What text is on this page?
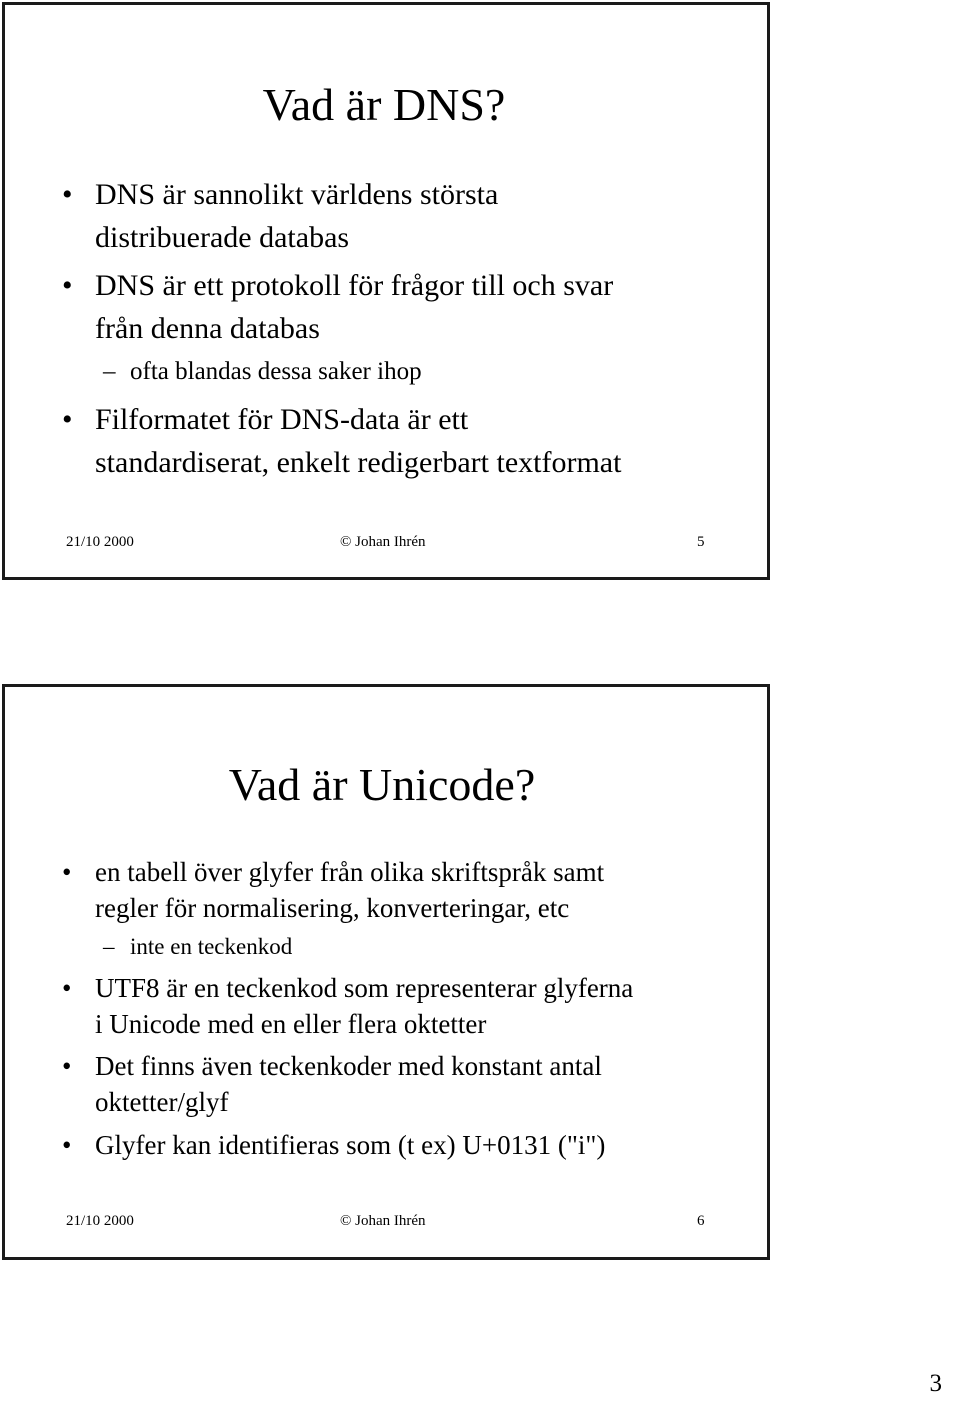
Vad är DNS?
• DNS är sannolikt världens största
distribuerade databas
• DNS är ett protokoll för frågor till och svar
från denna databas
– ofta blandas dessa saker ihop
• Filformatet för DNS-data är ett
standardiserat, enkelt redigerbart textformat
21/10 2000	© Johan Ihrén	5
Vad är Unicode?
• en tabell över glyfer från olika skriftspråk samt
regler för normalisering, konverteringar, etc
– inte en teckenkod
• UTF8 är en teckenkod som representerar glyferna
i Unicode med en eller flera oktetter
• Det finns även teckenkoder med konstant antal
oktetter/glyf
• Glyfer kan identifieras som (t ex) U+0131 ("i")
21/10 2000	© Johan Ihrén	6
3
